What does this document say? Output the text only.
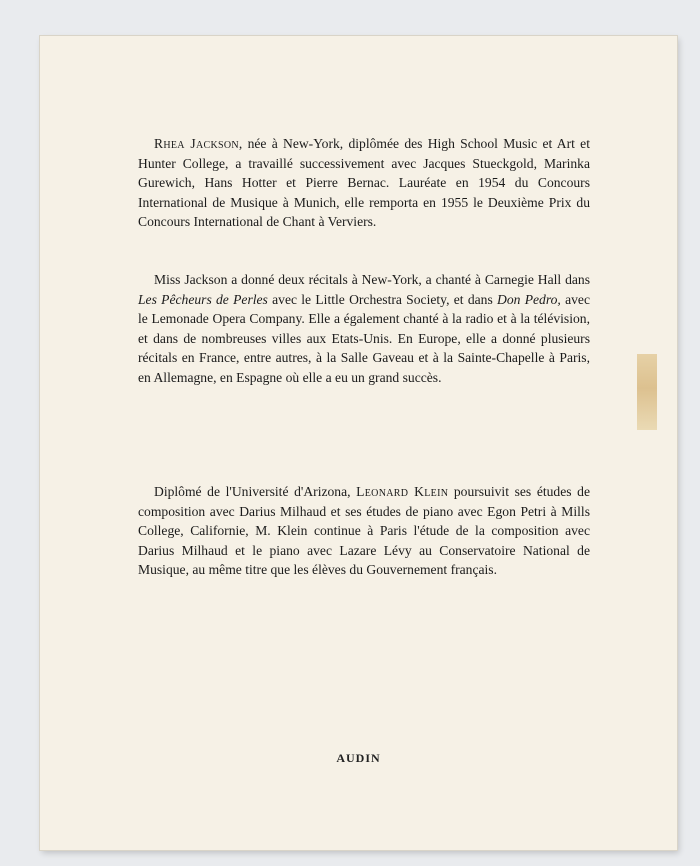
Rhea Jackson, née à New-York, diplômée des High School Music et Art et Hunter College, a travaillé successivement avec Jacques Stueckgold, Marinka Gurewich, Hans Hotter et Pierre Bernac. Lauréate en 1954 du Concours International de Musique à Munich, elle remporta en 1955 le Deuxième Prix du Concours International de Chant à Verviers.

Miss Jackson a donné deux récitals à New-York, a chanté à Carnegie Hall dans Les Pêcheurs de Perles avec le Little Orchestra Society, et dans Don Pedro, avec le Lemonade Opera Company. Elle a également chanté à la radio et à la télévision, et dans de nombreuses villes aux Etats-Unis. En Europe, elle a donné plusieurs récitals en France, entre autres, à la Salle Gaveau et à la Sainte-Chapelle à Paris, en Allemagne, en Espagne où elle a eu un grand succès.

Diplômé de l'Université d'Arizona, Leonard Klein poursuivit ses études de composition avec Darius Milhaud et ses études de piano avec Egon Petri à Mills College, Californie, M. Klein continue à Paris l'étude de la composition avec Darius Milhaud et le piano avec Lazare Lévy au Conservatoire National de Musique, au même titre que les élèves du Gouvernement français.

AUDIN
